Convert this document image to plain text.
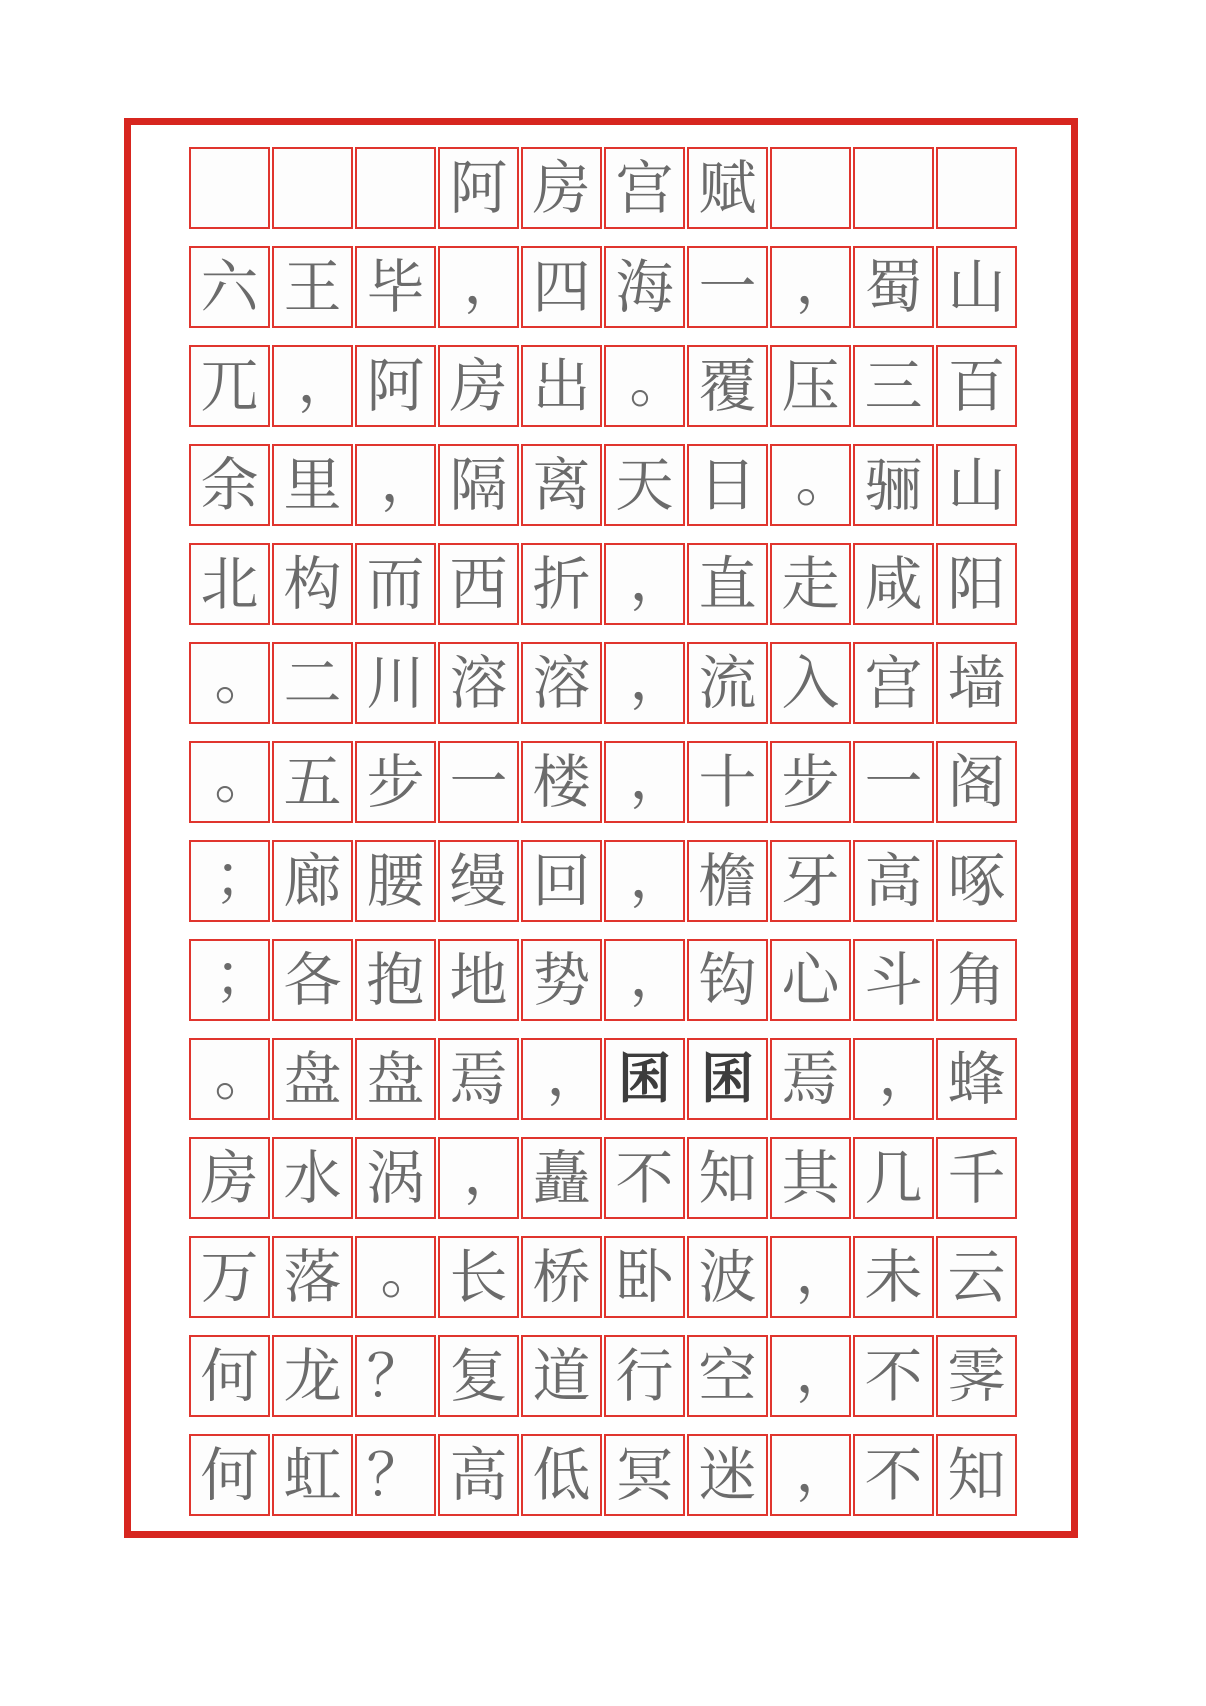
阿 房 宫 赋
六 王 毕 ， 四 海 一 ， 蜀 山
兀 ， 阿 房 出 。 覆 压 三 百
余 里 ， 隔 离 天 日 。 骊 山
北 构 而 西 折 ， 直 走 咸 阳
。 二 川 溶 溶 ， 流 入 宫 墙
。 五 步 一 楼 ， 十 步 一 阁
； 廊 腰 缦 回 ， 檐 牙 高 啄
； 各 抱 地 势 ， 钩 心 斗 角
。 盘 盘 焉 ， 囷 囷 焉 ， 蜂
房 水 涡 ， 矗 不 知 其 几 千
万 落 。 长 桥 卧 波 ， 未 云
何 龙 ？ 复 道 行 空 ， 不 霁
何 虹 ？ 高 低 冥 迷 ， 不 知
